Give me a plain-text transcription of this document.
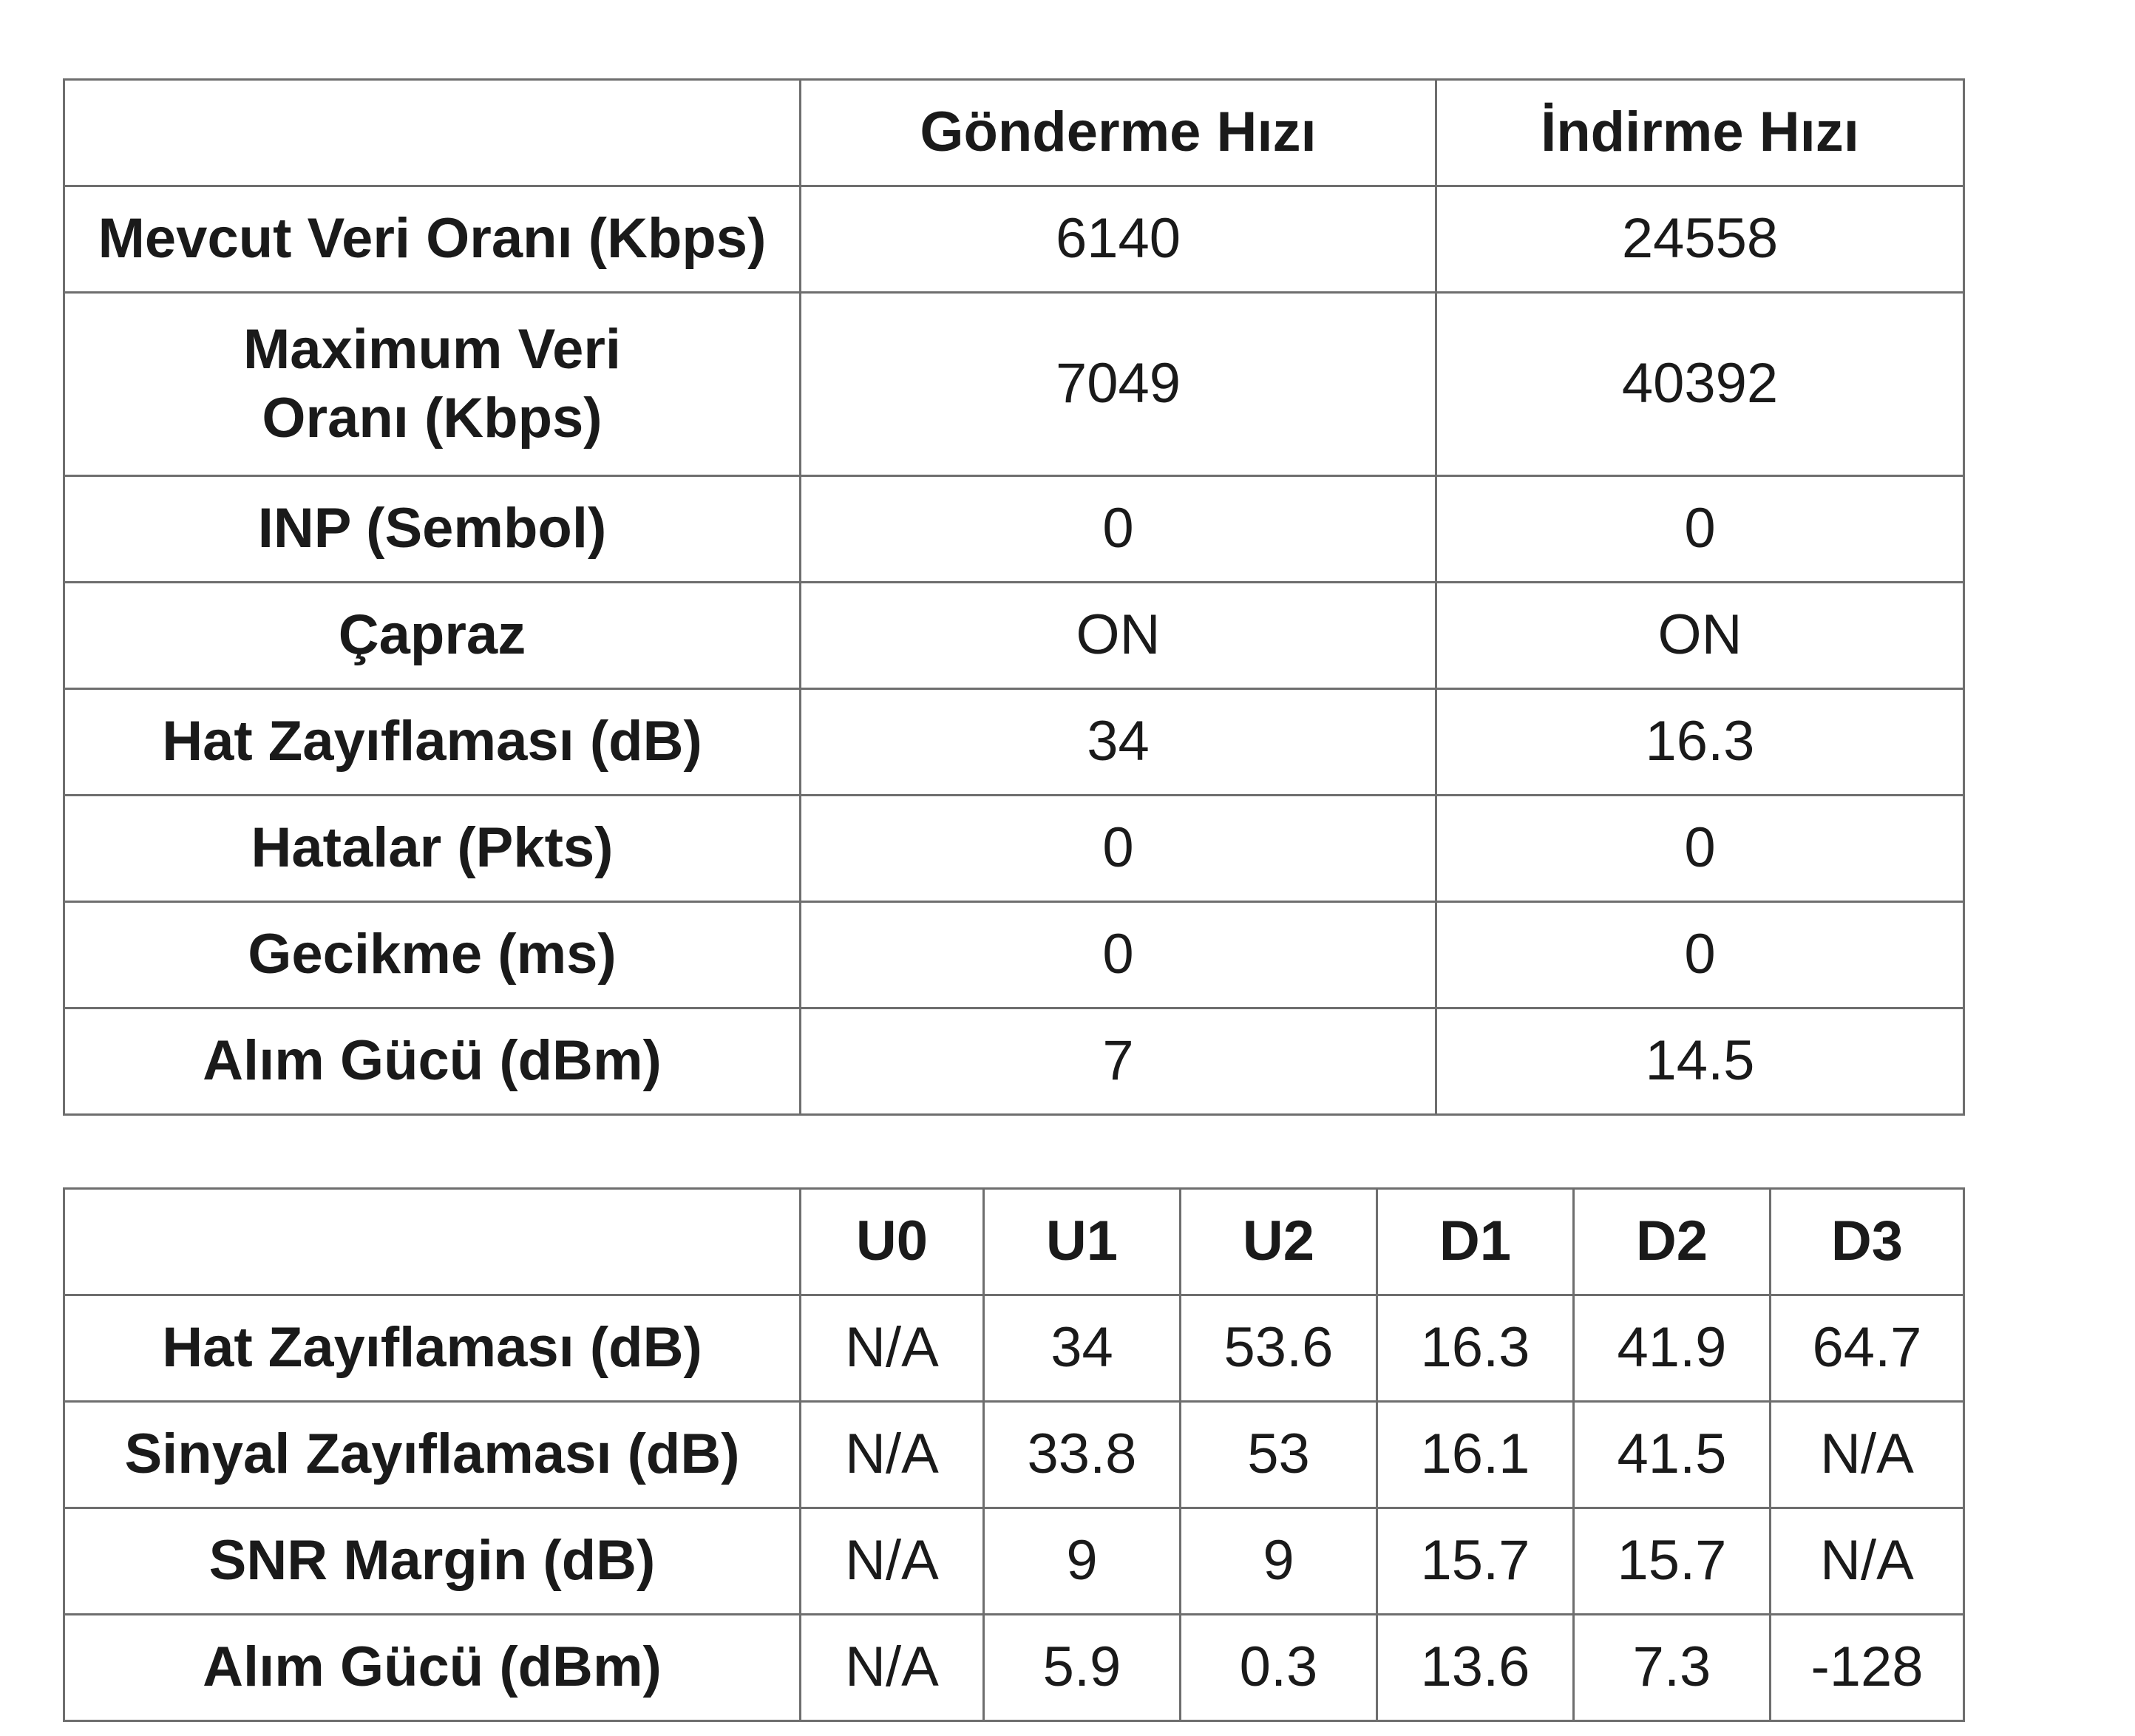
	Gönderme Hızı	İndirme Hızı
Mevcut Veri Oranı (Kbps)	6140	24558
Maximum Veri Oranı (Kbps)	7049	40392
INP (Sembol)	0	0
Çapraz	ON	ON
Hat Zayıflaması (dB)	34	16.3
Hatalar (Pkts)	0	0
Gecikme (ms)	0	0
Alım Gücü (dBm)	7	14.5
	U0	U1	U2	D1	D2	D3
Hat Zayıflaması (dB)	N/A	34	53.6	16.3	41.9	64.7
Sinyal Zayıflaması (dB)	N/A	33.8	53	16.1	41.5	N/A
SNR Margin (dB)	N/A	9	9	15.7	15.7	N/A
Alım Gücü (dBm)	N/A	5.9	0.3	13.6	7.3	-128
